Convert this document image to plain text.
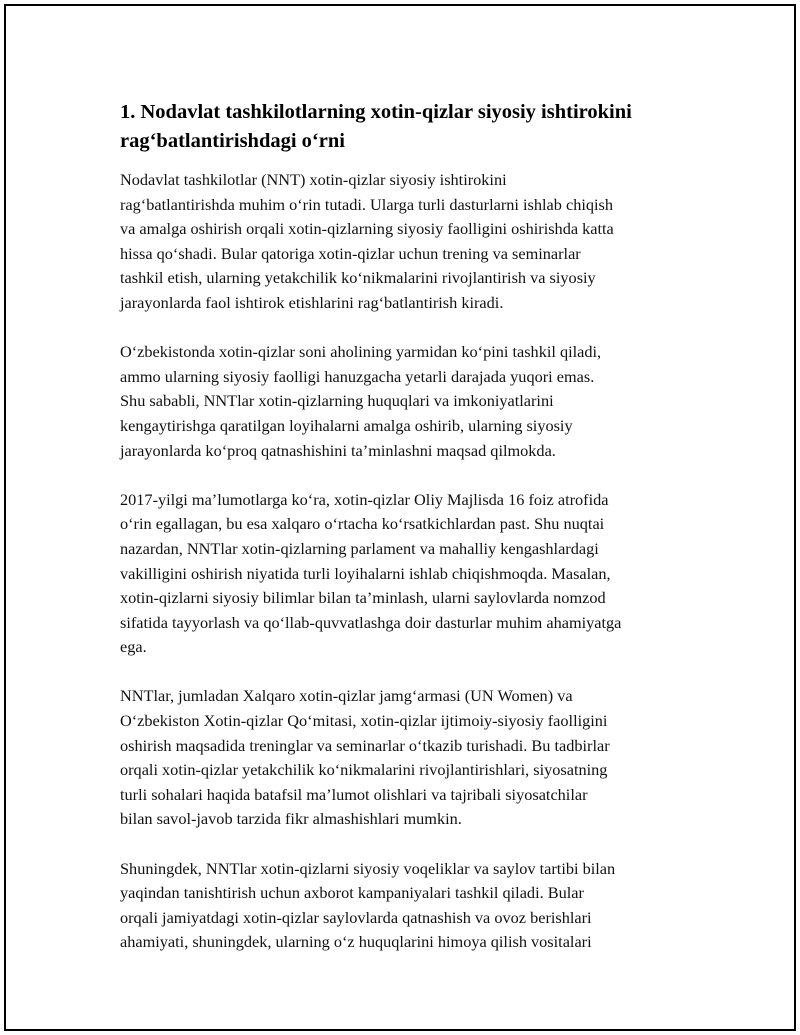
1. Nodavlat tashkilotlarning xotin-qizlar siyosiy ishtirokini
rag‘batlantirishdagi o‘rni
Nodavlat tashkilotlar (NNT) xotin-qizlar siyosiy ishtirokini
rag‘batlantirishda muhim o‘rin tutadi. Ularga turli dasturlarni ishlab chiqish
va amalga oshirish orqali xotin-qizlarning siyosiy faolligini oshirishda katta
hissa qo‘shadi. Bular qatoriga xotin-qizlar uchun trening va seminarlar
tashkil etish, ularning yetakchilik ko‘nikmalarini rivojlantirish va siyosiy
jarayonlarda faol ishtirok etishlarini rag‘batlantirish kiradi.
O‘zbekistonda xotin-qizlar soni aholining yarmidan ko‘pini tashkil qiladi,
ammo ularning siyosiy faolligi hanuzgacha yetarli darajada yuqori emas.
Shu sababli, NNTlar xotin-qizlarning huquqlari va imkoniyatlarini
kengaytirishga qaratilgan loyihalarni amalga oshirib, ularning siyosiy
jarayonlarda ko‘proq qatnashishini ta’minlashni maqsad qilmokda.
2017-yilgi ma’lumotlarga ko‘ra, xotin-qizlar Oliy Majlisda 16 foiz atrofida
o‘rin egallagan, bu esa xalqaro o‘rtacha ko‘rsatkichlardan past. Shu nuqtai
nazardan, NNTlar xotin-qizlarning parlament va mahalliy kengashlardagi
vakilligini oshirish niyatida turli loyihalarni ishlab chiqishmoqda. Masalan,
xotin-qizlarni siyosiy bilimlar bilan ta’minlash, ularni saylovlarda nomzod
sifatida tayyorlash va qo‘llab-quvvatlashga doir dasturlar muhim ahamiyatga
ega.
NNTlar, jumladan Xalqaro xotin-qizlar jamg‘armasi (UN Women) va
O‘zbekiston Xotin-qizlar Qo‘mitasi, xotin-qizlar ijtimoiy-siyosiy faolligini
oshirish maqsadida treninglar va seminarlar o‘tkazib turishadi. Bu tadbirlar
orqali xotin-qizlar yetakchilik ko‘nikmalarini rivojlantirishlari, siyosatning
turli sohalari haqida batafsil ma’lumot olishlari va tajribali siyosatchilar
bilan savol-javob tarzida fikr almashishlari mumkin.
Shuningdek, NNTlar xotin-qizlarni siyosiy voqeliklar va saylov tartibi bilan
yaqindan tanishtirish uchun axborot kampaniyalari tashkil qiladi. Bular
orqali jamiyatdagi xotin-qizlar saylovlarda qatnashish va ovoz berishlari
ahamiyati, shuningdek, ularning o‘z huquqlarini himoya qilish vositalari
